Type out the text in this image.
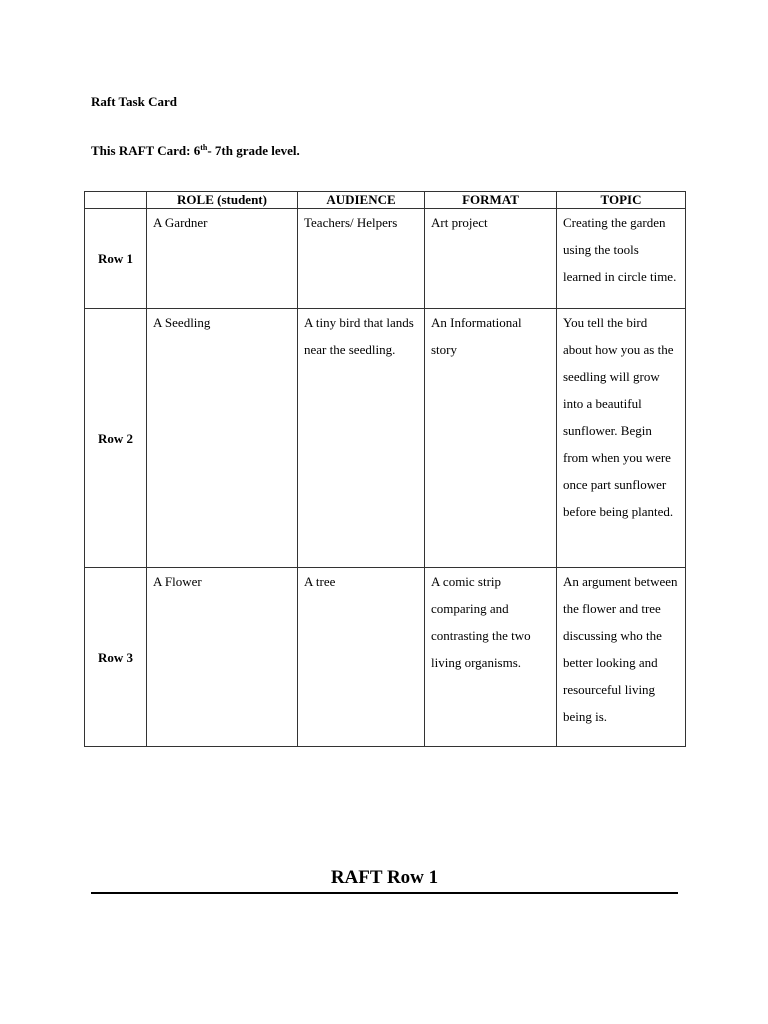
Raft Task Card

This RAFT Card: 6th- 7th grade level.

	ROLE (student)	AUDIENCE	FORMAT	TOPIC
Row 1	A Gardner	Teachers/ Helpers	Art project	Creating the garden using the tools learned in circle time.
Row 2	A Seedling	A tiny bird that lands near the seedling.	An Informational story	You tell the bird about how you as the seedling will grow into a beautiful sunflower. Begin from when you were once part sunflower before being planted.
Row 3	A Flower	A tree	A comic strip comparing and contrasting the two living organisms.	An argument between the flower and tree discussing who the better looking and resourceful living being is.

RAFT Row 1
